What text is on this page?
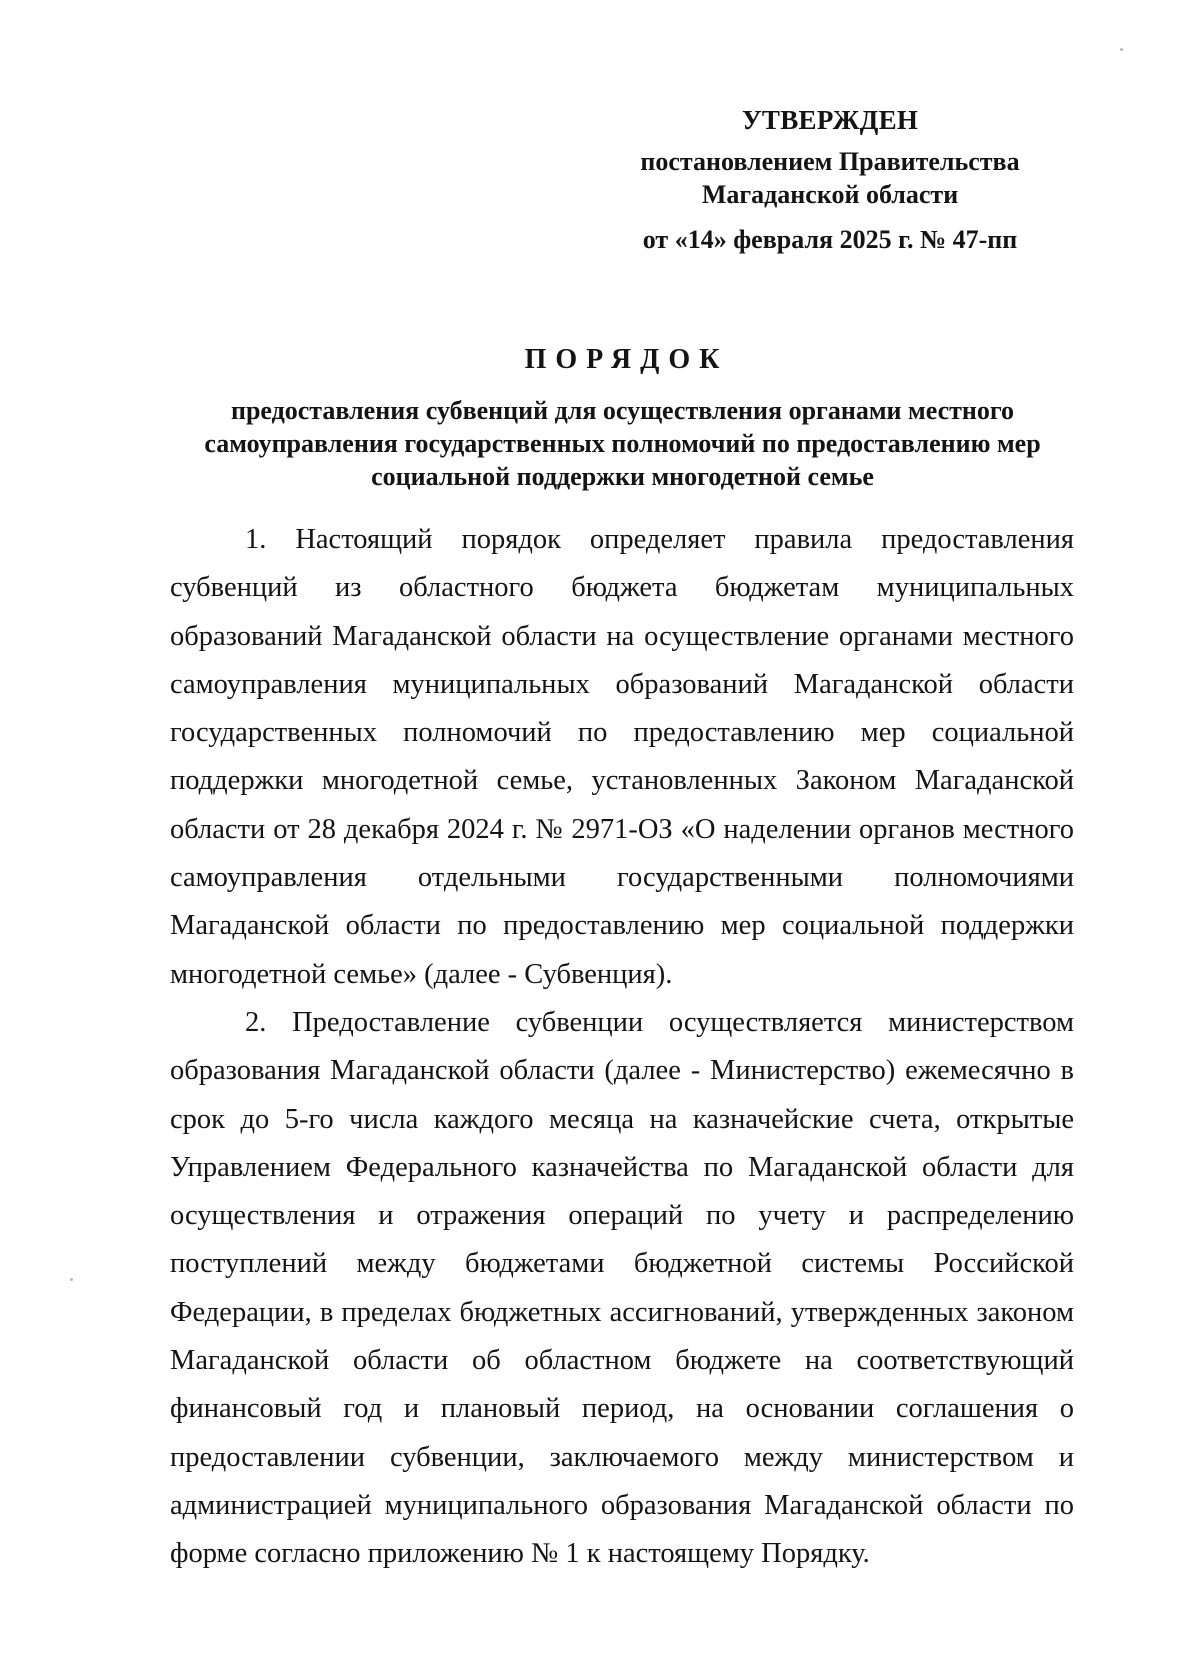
УТВЕРЖДЕН
постановлением Правительства
Магаданской области
от «14» февраля 2025 г. № 47-пп
ПОРЯДОК
предоставления субвенций для осуществления органами местного самоуправления государственных полномочий по предоставлению мер социальной поддержки многодетной семье

1. Настоящий порядок определяет правила предоставления субвенций из областного бюджета бюджетам муниципальных образований Магаданской области на осуществление органами местного самоуправления муниципальных образований Магаданской области государственных полномочий по предоставлению мер социальной поддержки многодетной семье, установленных Законом Магаданской области от 28 декабря 2024 г. № 2971-ОЗ «О наделении органов местного самоуправления отдельными государственными полномочиями Магаданской области по предоставлению мер социальной поддержки многодетной семье» (далее - Субвенция).

2. Предоставление субвенции осуществляется министерством образования Магаданской области (далее - Министерство) ежемесячно в срок до 5-го числа каждого месяца на казначейские счета, открытые Управлением Федерального казначейства по Магаданской области для осуществления и отражения операций по учету и распределению поступлений между бюджетами бюджетной системы Российской Федерации, в пределах бюджетных ассигнований, утвержденных законом Магаданской области об областном бюджете на соответствующий финансовый год и плановый период, на основании соглашения о предоставлении субвенции, заключаемого между министерством и администрацией муниципального образования Магаданской области по форме согласно приложению № 1 к настоящему Порядку.
